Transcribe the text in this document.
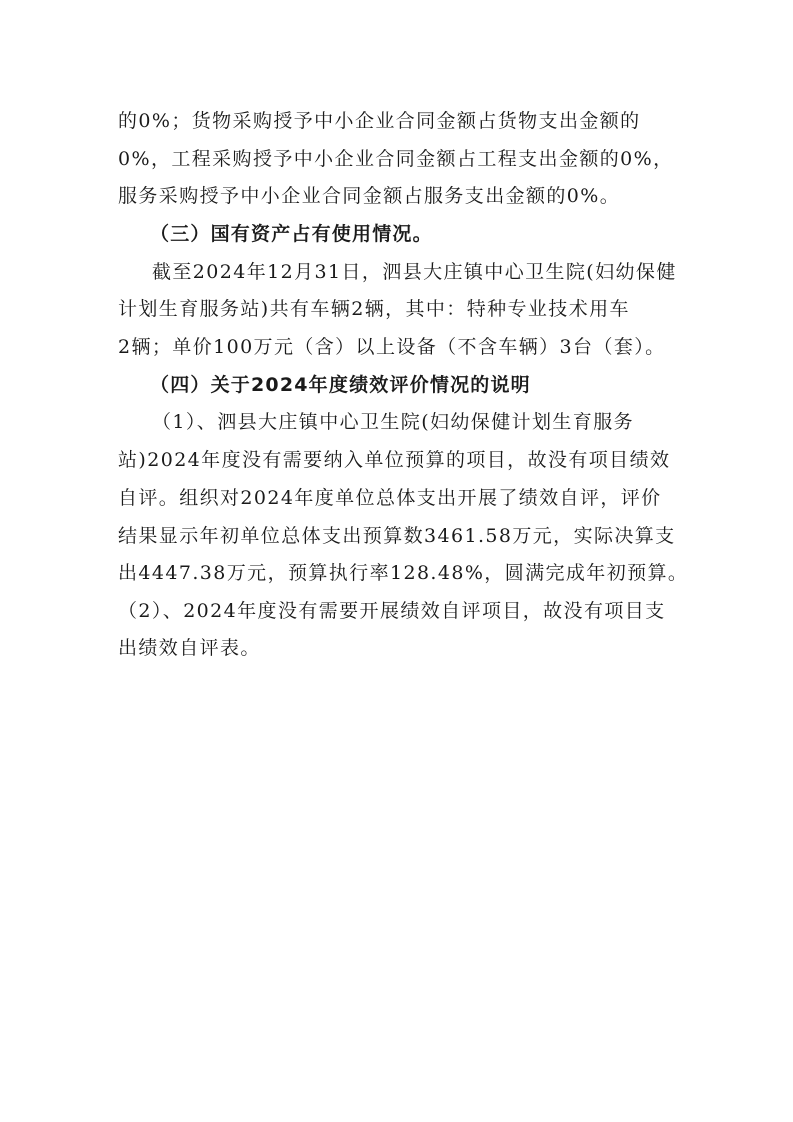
的0%；货物采购授予中小企业合同金额占货物支出金额的
0%，工程采购授予中小企业合同金额占工程支出金额的0%，
服务采购授予中小企业合同金额占服务支出金额的0%。
（三）国有资产占有使用情况。
截至2024年12月31日，泗县大庄镇中心卫生院(妇幼保健
计划生育服务站)共有车辆2辆，其中：特种专业技术用车
2辆；单价100万元（含）以上设备（不含车辆）3台（套）。
（四）关于2024年度绩效评价情况的说明
（1）、泗县大庄镇中心卫生院(妇幼保健计划生育服务
站)2024年度没有需要纳入单位预算的项目，故没有项目绩效
自评。组织对2024年度单位总体支出开展了绩效自评，评价
结果显示年初单位总体支出预算数3461.58万元，实际决算支
出4447.38万元，预算执行率128.48%，圆满完成年初预算。
（2）、2024年度没有需要开展绩效自评项目，故没有项目支
出绩效自评表。
